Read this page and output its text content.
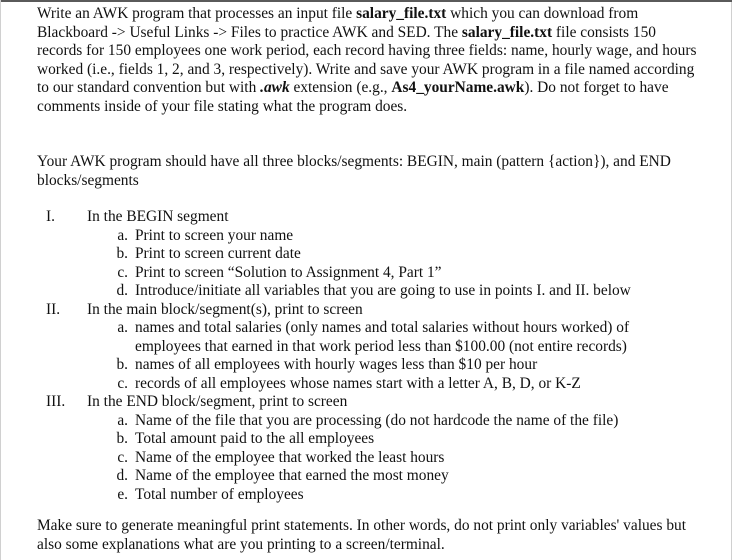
Write an AWK program that processes an input file salary_file.txt which you can download from Blackboard -> Useful Links -> Files to practice AWK and SED. The salary_file.txt file consists 150 records for 150 employees one work period, each record having three fields: name, hourly wage, and hours worked (i.e., fields 1, 2, and 3, respectively). Write and save your AWK program in a file named according to our standard convention but with .awk extension (e.g., As4_yourName.awk). Do not forget to have comments inside of your file stating what the program does.

Your AWK program should have all three blocks/segments: BEGIN, main (pattern {action}), and END blocks/segments

I.	In the BEGIN segment
a. Print to screen your name
b. Print to screen current date
c. Print to screen “Solution to Assignment 4, Part 1”
d. Introduce/initiate all variables that you are going to use in points I. and II. below
II.	In the main block/segment(s), print to screen
a. names and total salaries (only names and total salaries without hours worked) of
employees that earned in that work period less than $100.00 (not entire records)
b. names of all employees with hourly wages less than $10 per hour
c. records of all employees whose names start with a letter A, B, D, or K-Z
III.	In the END block/segment, print to screen
a. Name of the file that you are processing (do not hardcode the name of the file)
b. Total amount paid to the all employees
c. Name of the employee that worked the least hours
d. Name of the employee that earned the most money
e. Total number of employees

Make sure to generate meaningful print statements. In other words, do not print only variables' values but also some explanations what are you printing to a screen/terminal.
